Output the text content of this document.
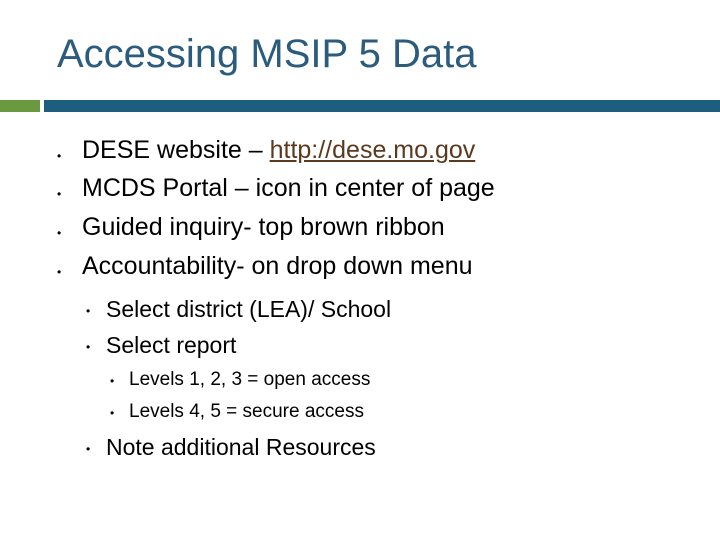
Accessing MSIP 5 Data
• DESE website – http://dese.mo.gov
• MCDS Portal – icon in center of page
• Guided inquiry- top brown ribbon
• Accountability- on drop down menu
• Select district (LEA)/ School
• Select report
• Levels 1, 2, 3 = open access
• Levels 4, 5 = secure access
• Note additional Resources
